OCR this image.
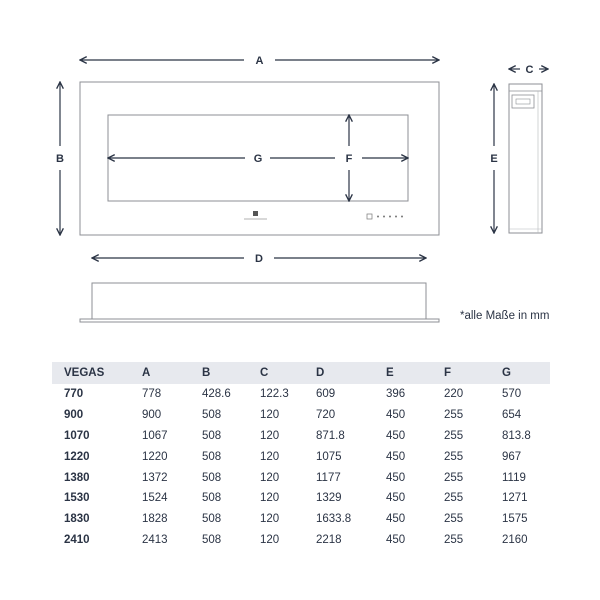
A
B	G	F
C
E
D
*alle Maße in mm
VEGAS	A	B	C	D	E	F	G
770	778	428.6	122.3	609	396	220	570
900	900	508	120	720	450	255	654
1070	1067	508	120	871.8	450	255	813.8
1220	1220	508	120	1075	450	255	967
1380	1372	508	120	1177	450	255	1119
1530	1524	508	120	1329	450	255	1271
1830	1828	508	120	1633.8	450	255	1575
2410	2413	508	120	2218	450	255	2160
